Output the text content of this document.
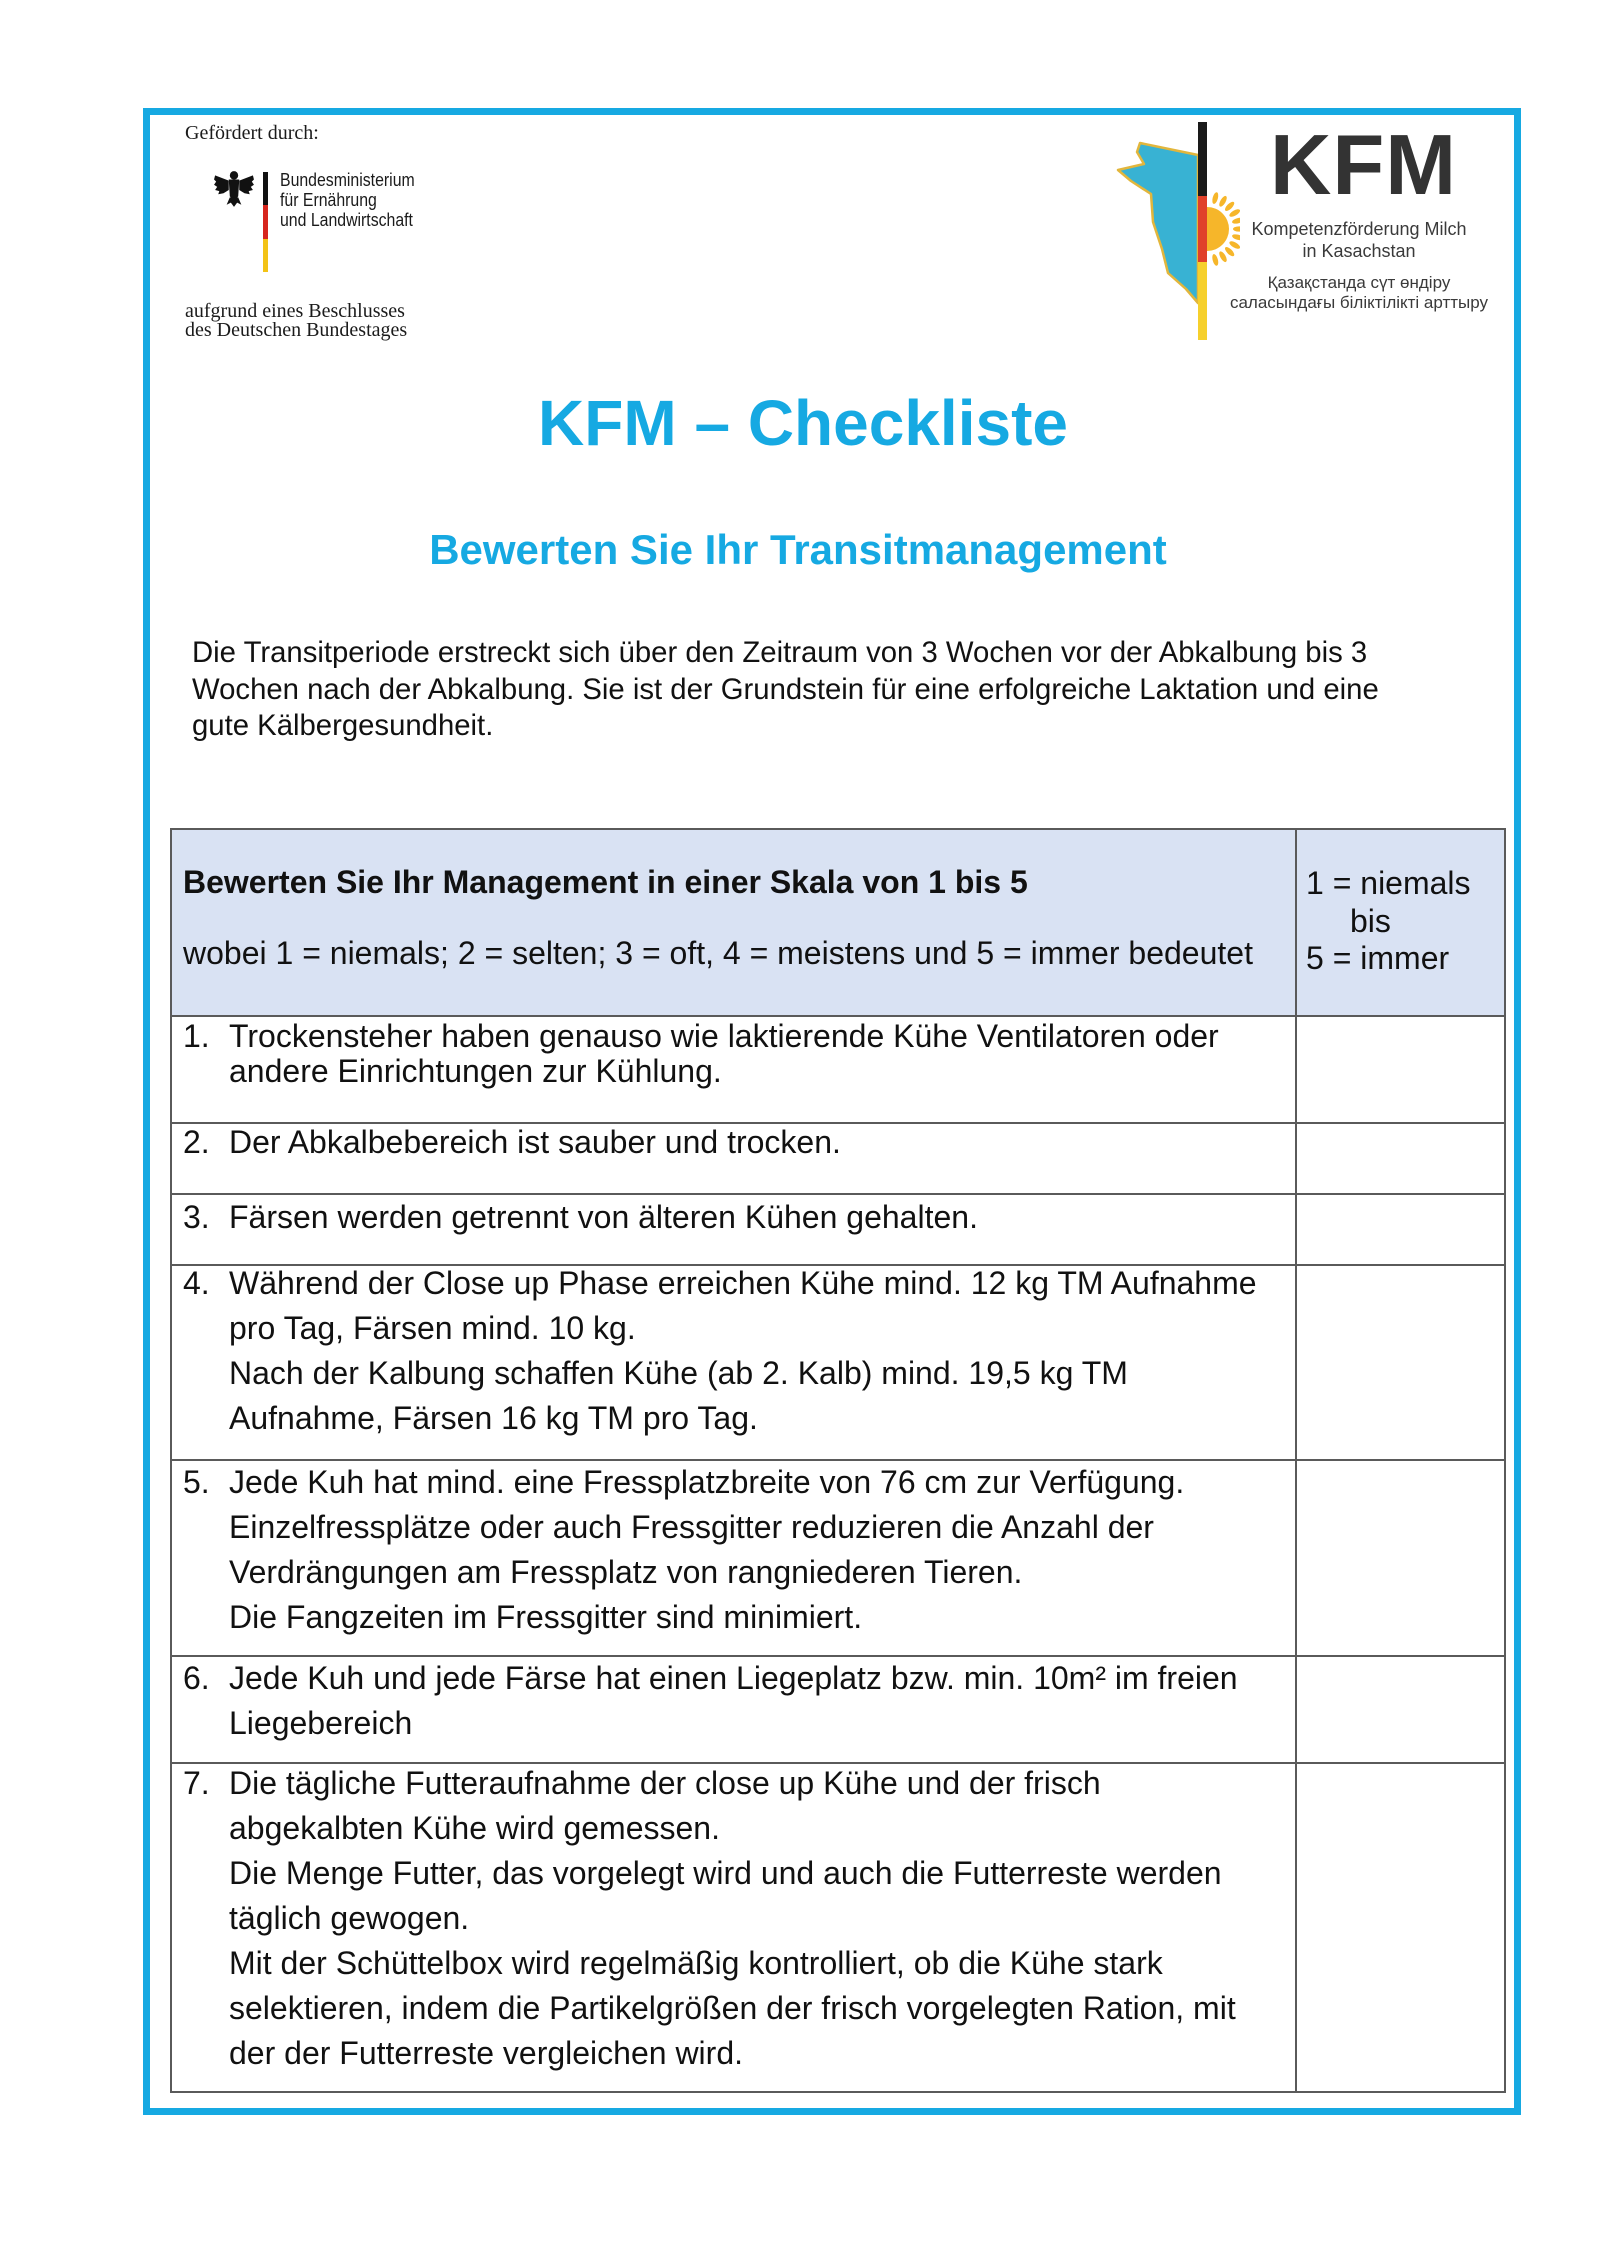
Gefördert durch:
Bundesministerium
für Ernährung
und Landwirtschaft
aufgrund eines Beschlusses
des Deutschen Bundestages
KFM
Kompetenzförderung Milch
in Kasachstan
Қазақстанда сүт өндіру
саласындағы біліктілікті арттыру
KFM – Checkliste
Bewerten Sie Ihr Transitmanagement
Die Transitperiode erstreckt sich über den Zeitraum von 3 Wochen vor der Abkalbung bis 3
Wochen nach der Abkalbung. Sie ist der Grundstein für eine erfolgreiche Laktation und eine
gute Kälbergesundheit.
Bewerten Sie Ihr Management in einer Skala von 1 bis 5
wobei 1 = niemals; 2 = selten; 3 = oft, 4 = meistens und 5 = immer bedeutet
1 = niemals
bis
5 = immer
1. Trockensteher haben genauso wie laktierende Kühe Ventilatoren oder
andere Einrichtungen zur Kühlung.
2. Der Abkalbebereich ist sauber und trocken.
3. Färsen werden getrennt von älteren Kühen gehalten.
4. Während der Close up Phase erreichen Kühe mind. 12 kg TM Aufnahme
pro Tag, Färsen mind. 10 kg.
Nach der Kalbung schaffen Kühe (ab 2. Kalb) mind. 19,5 kg TM
Aufnahme, Färsen 16 kg TM pro Tag.
5. Jede Kuh hat mind. eine Fressplatzbreite von 76 cm zur Verfügung.
Einzelfressplätze oder auch Fressgitter reduzieren die Anzahl der
Verdrängungen am Fressplatz von rangniederen Tieren.
Die Fangzeiten im Fressgitter sind minimiert.
6. Jede Kuh und jede Färse hat einen Liegeplatz bzw. min. 10m² im freien
Liegebereich
7. Die tägliche Futteraufnahme der close up Kühe und der frisch
abgekalbten Kühe wird gemessen.
Die Menge Futter, das vorgelegt wird und auch die Futterreste werden
täglich gewogen.
Mit der Schüttelbox wird regelmäßig kontrolliert, ob die Kühe stark
selektieren, indem die Partikelgrößen der frisch vorgelegten Ration, mit
der der Futterreste vergleichen wird.
